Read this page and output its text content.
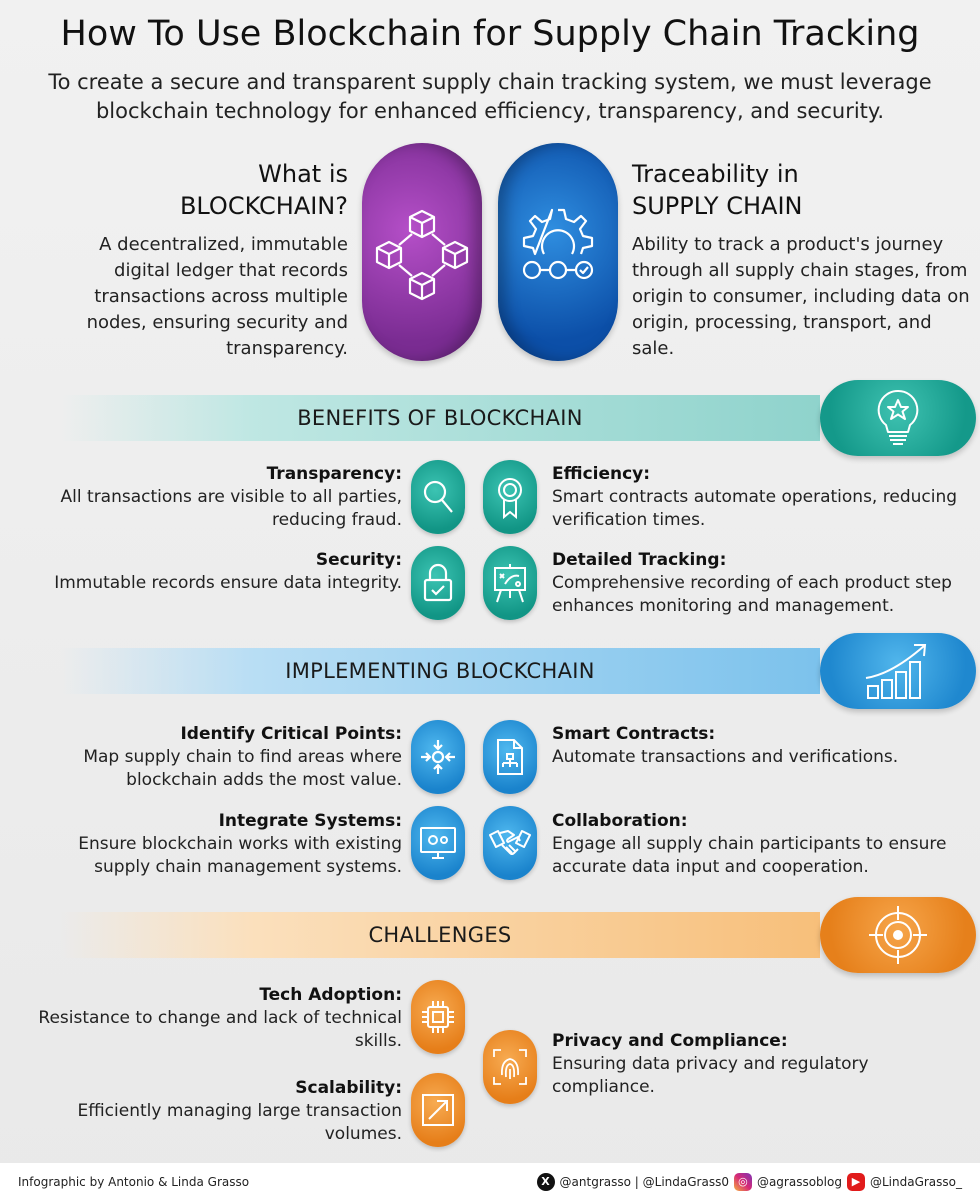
How To Use Blockchain for Supply Chain Tracking

To create a secure and transparent supply chain tracking system, we must leverage blockchain technology for enhanced efficiency, transparency, and security.

What is
BLOCKCHAIN?

A decentralized, immutable digital ledger that records transactions across multiple nodes, ensuring security and transparency.

Traceability in
SUPPLY CHAIN

Ability to track a product's journey through all supply chain stages, from origin to consumer, including data on origin, processing, transport, and sale.

BENEFITS OF BLOCKCHAIN
Transparency:
All transactions are visible to all parties, reducing fraud.
Efficiency:
Smart contracts automate operations, reducing verification times.
Security:
Immutable records ensure data integrity.
Detailed Tracking:
Comprehensive recording of each product step enhances monitoring and management.
IMPLEMENTING BLOCKCHAIN
Identify Critical Points:
Map supply chain to find areas where blockchain adds the most value.
Smart Contracts:
Automate transactions and verifications.
Integrate Systems:
Ensure blockchain works with existing supply chain management systems.
Collaboration:
Engage all supply chain participants to ensure accurate data input and cooperation.
CHALLENGES
Tech Adoption:
Resistance to change and lack of technical skills.	Privacy and Compliance:
Ensuring data privacy and regulatory compliance.
Scalability:
Efficiently managing large transaction volumes.
Infographic by Antonio & Linda Grasso	X @antgrasso | @LindaGrass0 ◎ @agrassoblog ▶ @LindaGrasso_
